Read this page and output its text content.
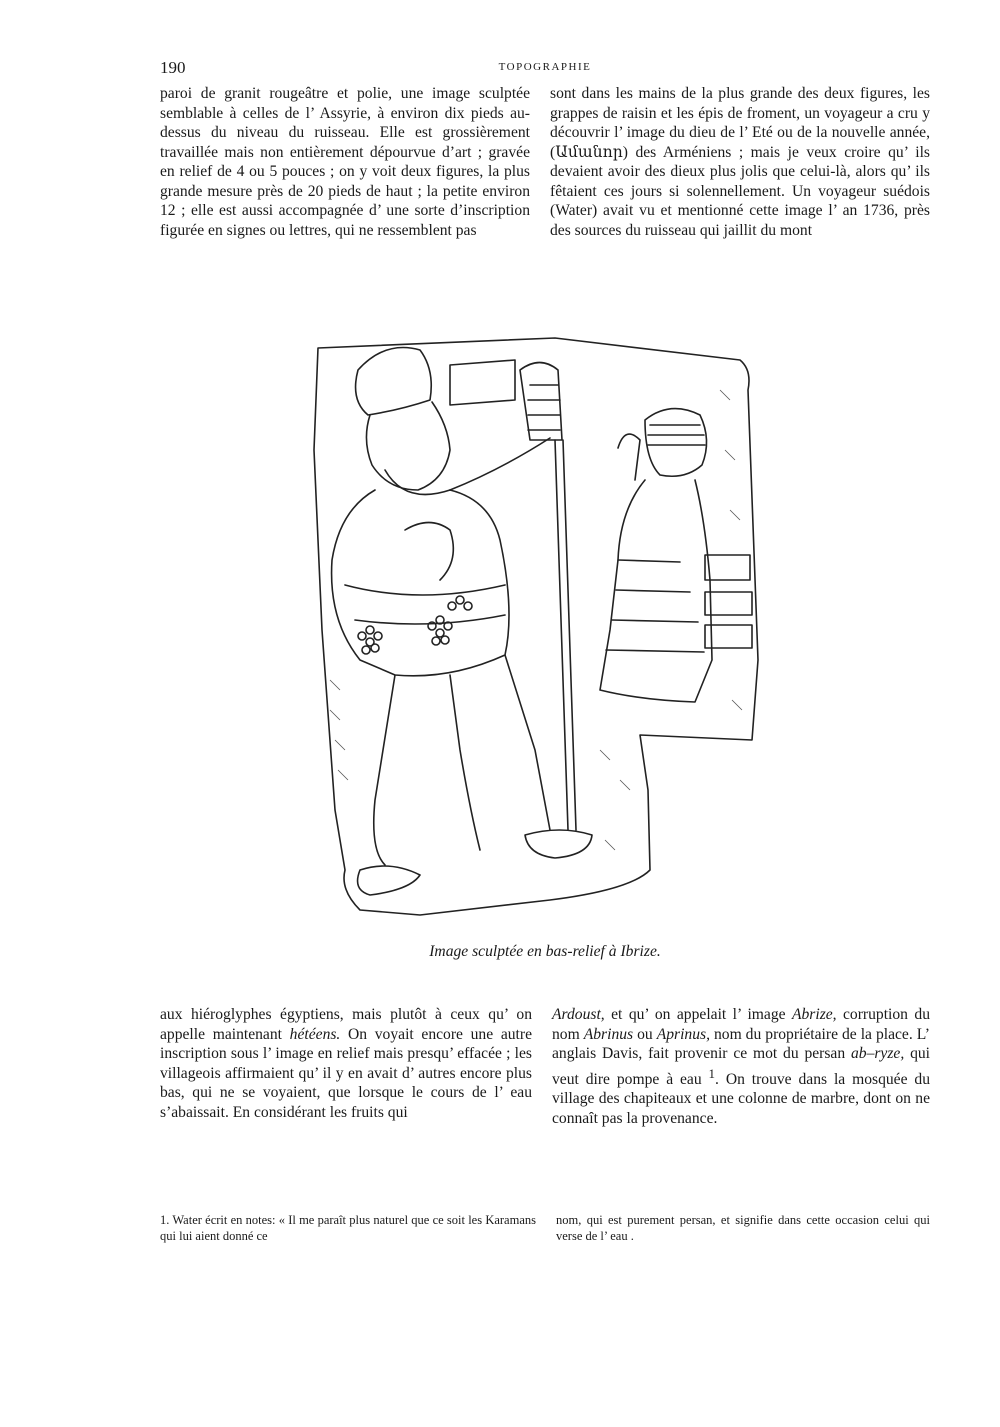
190	TOPOGRAPHIE

paroi de granit rougeâtre et polie, une image sculptée semblable à celles de l’ Assyrie, à environ dix pieds au-dessus du niveau du ruisseau. Elle est grossièrement travaillée mais non entièrement dépourvue d’art ; gravée en relief de 4 ou 5 pouces ; on y voit deux figures, la plus grande mesure près de 20 pieds de haut ; la petite environ 12 ; elle est aussi accompagnée d’ une sorte d’inscription figurée en signes ou lettres, qui ne ressemblent pas

sont dans les mains de la plus grande des deux figures, les grappes de raisin et les épis de froment, un voyageur a cru y découvrir l’ image du dieu de l’ Eté ou de la nouvelle année, (Ամանոր) des Arméniens ; mais je veux croire qu’ ils devaient avoir des dieux plus jolis que celui-là, alors qu’ ils fêtaient ces jours si solennellement. Un voyageur suédois (Water) avait vu et mentionné cette image l’ an 1736, près des sources du ruisseau qui jaillit du mont

Image sculptée en bas-relief à Ibrize.

aux hiéroglyphes égyptiens, mais plutôt à ceux qu’ on appelle maintenant hétéens. On voyait encore une autre inscription sous l’ image en relief mais presqu’ effacée ; les villageois affirmaient qu’ il y en avait d’ autres encore plus bas, qui ne se voyaient, que lorsque le cours de l’ eau s’abaissait. En considérant les fruits qui

Ardoust, et qu’ on appelait l’ image Abrize, corruption du nom Abrinus ou Aprinus, nom du propriétaire de la place. L’ anglais Davis, fait provenir ce mot du persan ab–ryze, qui veut dire pompe à eau $^1$. On trouve dans la mosquée du village des chapiteaux et une colonne de marbre, dont on ne connaît pas la provenance.

1. Water écrit en notes: « Il me paraît plus naturel que ce soit les Karamans qui lui aient donné ce

nom, qui est purement persan, et signifie dans cette occasion celui qui verse de l’ eau .
